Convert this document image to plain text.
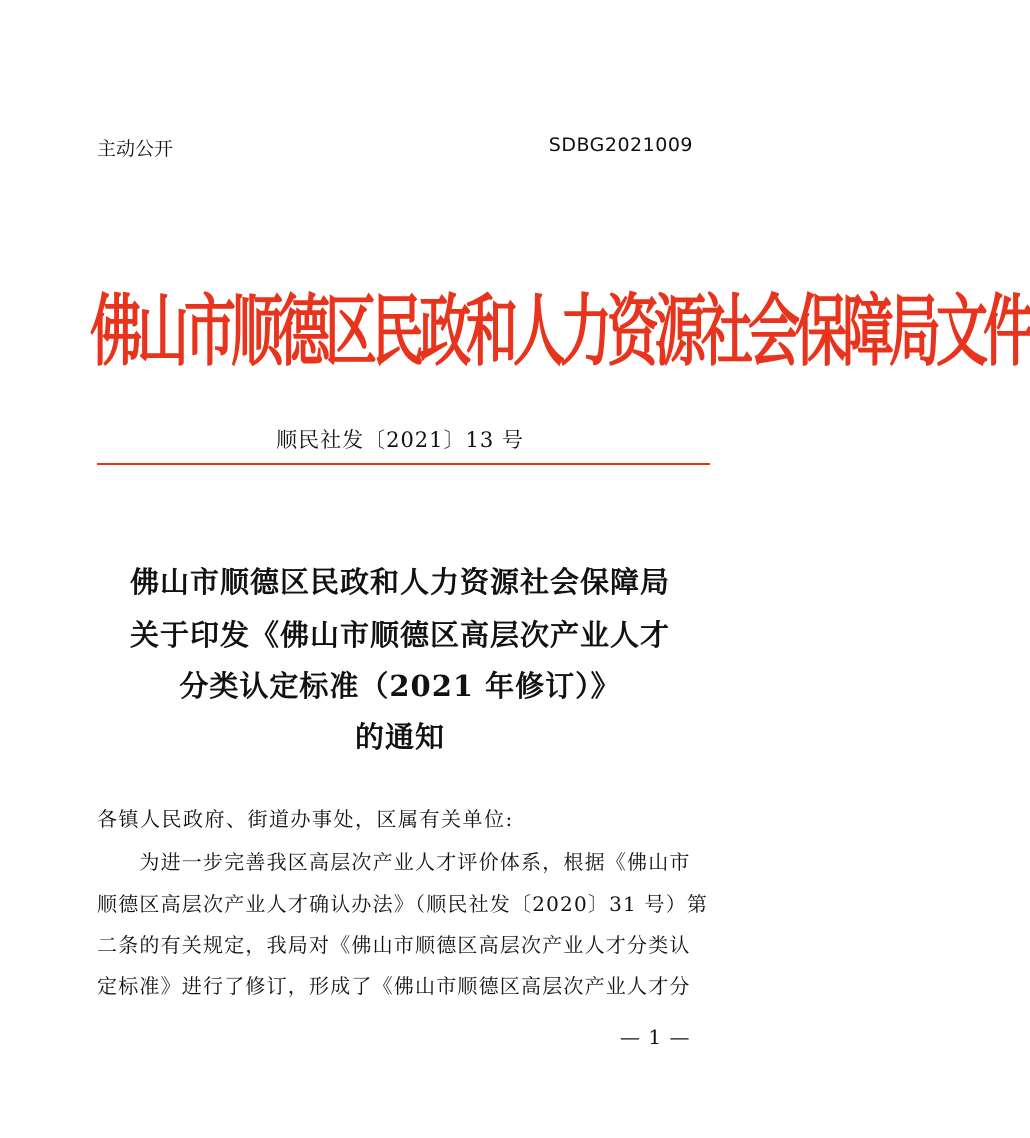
主动公开	SDBG2021009
佛山市顺德区民政和人力资源社会保障局文件
顺民社发〔2021〕13 号
佛山市顺德区民政和人力资源社会保障局
关于印发《佛山市顺德区高层次产业人才
分类认定标准（2021 年修订）》
的通知
各镇人民政府、街道办事处，区属有关单位:
　　为进一步完善我区高层次产业人才评价体系，根据《佛山市
顺德区高层次产业人才确认办法》（顺民社发〔2020〕31 号）第
二条的有关规定，我局对《佛山市顺德区高层次产业人才分类认
定标准》进行了修订，形成了《佛山市顺德区高层次产业人才分
— 1 —
